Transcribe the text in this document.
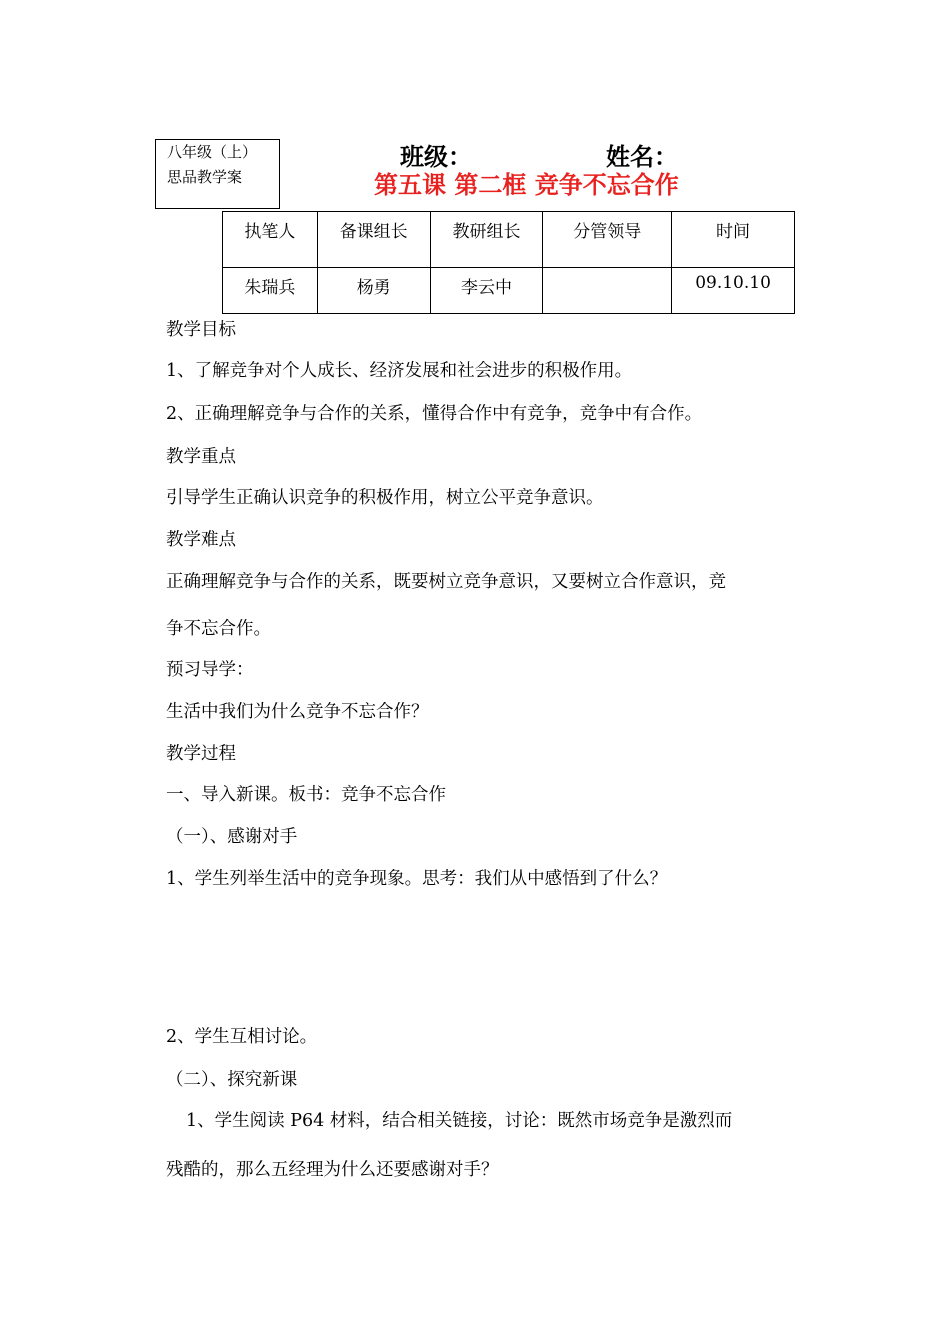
八年级（上）
思品教学案
班级：	姓名：
第五课 第二框 竞争不忘合作
执笔人	备课组长	教研组长	分管领导	时间
朱瑞兵	杨勇	李云中		09.10.10
教学目标
1、了解竞争对个人成长、经济发展和社会进步的积极作用。
2、正确理解竞争与合作的关系，懂得合作中有竞争，竞争中有合作。
教学重点
引导学生正确认识竞争的积极作用，树立公平竞争意识。
教学难点
正确理解竞争与合作的关系，既要树立竞争意识，又要树立合作意识，竞
争不忘合作。
预习导学：
生活中我们为什么竞争不忘合作？
教学过程
一、导入新课。板书：竞争不忘合作
（一）、感谢对手
1、学生列举生活中的竞争现象。思考：我们从中感悟到了什么？
2、学生互相讨论。
（二）、探究新课
1、学生阅读 P64 材料，结合相关链接，讨论：既然市场竞争是激烈而
残酷的，那么五经理为什么还要感谢对手？
